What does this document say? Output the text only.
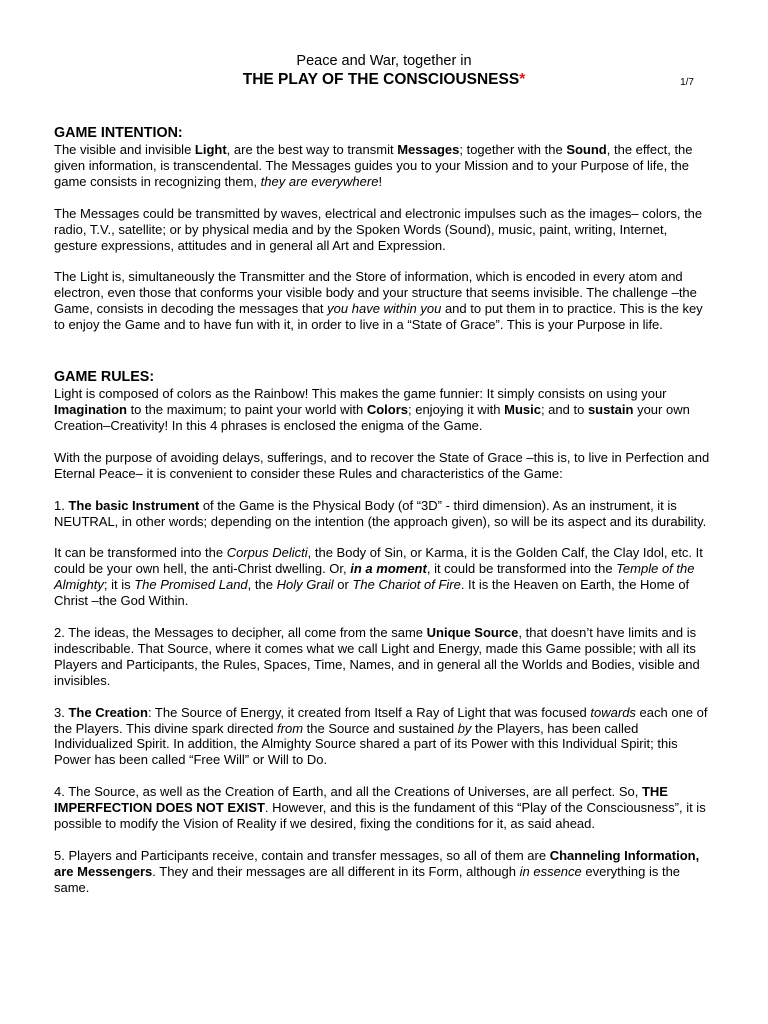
Peace and War, together in
THE PLAY OF THE CONSCIOUSNESS*	1/7
GAME INTENTION:

The visible and invisible Light, are the best way to transmit Messages; together with the Sound, the effect, the given information, is transcendental. The Messages guides you to your Mission and to your Purpose of life, the game consists in recognizing them, they are everywhere!

The Messages could be transmitted by waves, electrical and electronic impulses such as the images– colors, the radio, T.V., satellite; or by physical media and by the Spoken Words (Sound), music, paint, writing, Internet, gesture expressions, attitudes and in general all Art and Expression.

The Light is, simultaneously the Transmitter and the Store of information, which is encoded in every atom and electron, even those that conforms your visible body and your structure that seems invisible. The challenge –the Game, consists in decoding the messages that you have within you and to put them in to practice. This is the key to enjoy the Game and to have fun with it, in order to live in a “State of Grace”. This is your Purpose in life.

GAME RULES:

Light is composed of colors as the Rainbow! This makes the game funnier: It simply consists on using your Imagination to the maximum; to paint your world with Colors; enjoying it with Music; and to sustain your own Creation–Creativity! In this 4 phrases is enclosed the enigma of the Game.

With the purpose of avoiding delays, sufferings, and to recover the State of Grace –this is, to live in Perfection and Eternal Peace– it is convenient to consider these Rules and characteristics of the Game:

1. The basic Instrument of the Game is the Physical Body (of “3D” - third dimension). As an instrument, it is NEUTRAL, in other words; depending on the intention (the approach given), so will be its aspect and its durability.

It can be transformed into the Corpus Delicti, the Body of Sin, or Karma, it is the Golden Calf, the Clay Idol, etc. It could be your own hell, the anti-Christ dwelling. Or, in a moment, it could be transformed into the Temple of the Almighty; it is The Promised Land, the Holy Grail or The Chariot of Fire. It is the Heaven on Earth, the Home of Christ –the God Within.

2. The ideas, the Messages to decipher, all come from the same Unique Source, that doesn’t have limits and is indescribable. That Source, where it comes what we call Light and Energy, made this Game possible; with all its Players and Participants, the Rules, Spaces, Time, Names, and in general all the Worlds and Bodies, visible and invisibles.

3. The Creation: The Source of Energy, it created from Itself a Ray of Light that was focused towards each one of the Players. This divine spark directed from the Source and sustained by the Players, has been called Individualized Spirit. In addition, the Almighty Source shared a part of its Power with this Individual Spirit; this Power has been called “Free Will” or Will to Do.

4. The Source, as well as the Creation of Earth, and all the Creations of Universes, are all perfect. So, THE IMPERFECTION DOES NOT EXIST. However, and this is the fundament of this “Play of the Consciousness”, it is possible to modify the Vision of Reality if we desired, fixing the conditions for it, as said ahead.

5. Players and Participants receive, contain and transfer messages, so all of them are Channeling Information, are Messengers. They and their messages are all different in its Form, although in essence everything is the same.
